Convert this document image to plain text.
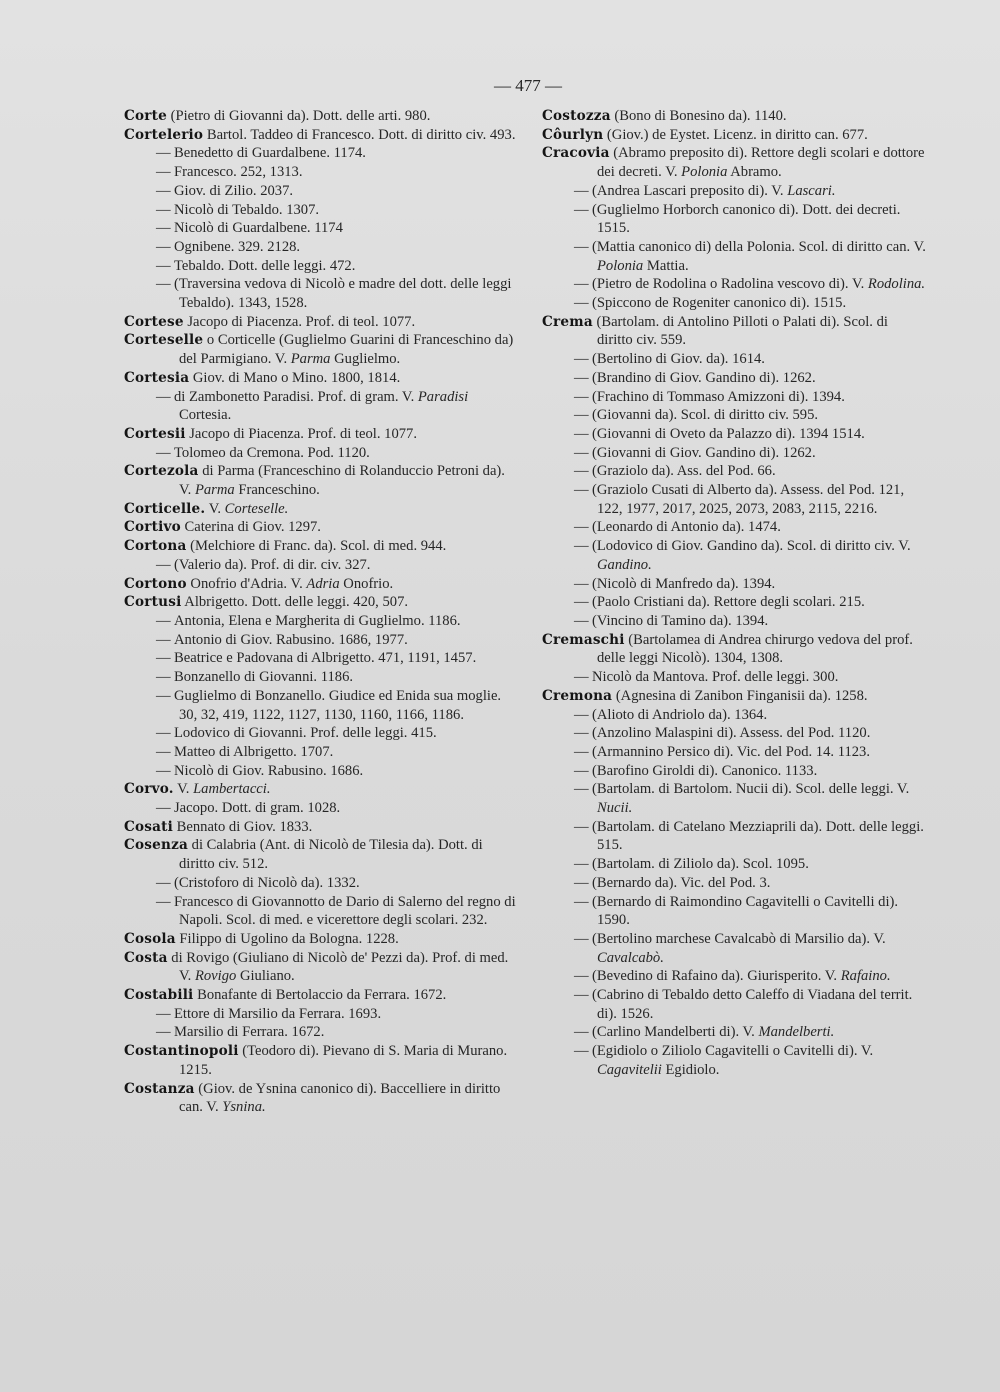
— 477 —
Corte (Pietro di Giovanni da). Dott. delle arti. 980.
Cortelerio Bartol. Taddeo di Francesco. Dott. di diritto civ. 493.
— Benedetto di Guardalbene. 1174.
— Francesco. 252, 1313.
— Giov. di Zilio. 2037.
— Nicolò di Tebaldo. 1307.
— Nicolò di Guardalbene. 1174
— Ognibene. 329. 2128.
— Tebaldo. Dott. delle leggi. 472.
— (Traversina vedova di Nicolò e madre del dott. delle leggi Tebaldo). 1343, 1528.
Cortese Jacopo di Piacenza. Prof. di teol. 1077.
Corteselle o Corticelle (Guglielmo Guarini di Franceschino da) del Parmigiano. V. Parma Guglielmo.
Cortesia Giov. di Mano o Mino. 1800, 1814.
— di Zambonetto Paradisi. Prof. di gram. V. Paradisi Cortesia.
Cortesii Jacopo di Piacenza. Prof. di teol. 1077.
— Tolomeo da Cremona. Pod. 1120.
Cortezola di Parma (Franceschino di Rolanduccio Petroni da). V. Parma Franceschino.
Corticelle. V. Corteselle.
Cortivo Caterina di Giov. 1297.
Cortona (Melchiore di Franc. da). Scol. di med. 944.
— (Valerio da). Prof. di dir. civ. 327.
Cortono Onofrio d'Adria. V. Adria Onofrio.
Cortusi Albrigetto. Dott. delle leggi. 420, 507.
— Antonia, Elena e Margherita di Guglielmo. 1186.
— Antonio di Giov. Rabusino. 1686, 1977.
— Beatrice e Padovana di Albrigetto. 471, 1191, 1457.
— Bonzanello di Giovanni. 1186.
— Guglielmo di Bonzanello. Giudice ed Enida sua moglie. 30, 32, 419, 1122, 1127, 1130, 1160, 1166, 1186.
— Lodovico di Giovanni. Prof. delle leggi. 415.
— Matteo di Albrigetto. 1707.
— Nicolò di Giov. Rabusino. 1686.
Corvo. V. Lambertacci.
— Jacopo. Dott. di gram. 1028.
Cosati Bennato di Giov. 1833.
Cosenza di Calabria (Ant. di Nicolò de Tilesia da). Dott. di diritto civ. 512.
— (Cristoforo di Nicolò da). 1332.
— Francesco di Giovannotto de Dario di Salerno del regno di Napoli. Scol. di med. e vicerettore degli scolari. 232.
Cosola Filippo di Ugolino da Bologna. 1228.
Costa di Rovigo (Giuliano di Nicolò de' Pezzi da). Prof. di med. V. Rovigo Giuliano.
Costabili Bonafante di Bertolaccio da Ferrara. 1672.
— Ettore di Marsilio da Ferrara. 1693.
— Marsilio di Ferrara. 1672.
Costantinopoli (Teodoro di). Pievano di S. Maria di Murano. 1215.
Costanza (Giov. de Ysnina canonico di). Baccelliere in diritto can. V. Ysnina.
Costozza (Bono di Bonesino da). 1140.
Côurlyn (Giov.) de Eystet. Licenz. in diritto can. 677.
Cracovia (Abramo preposito di). Rettore degli scolari e dottore dei decreti. V. Polonia Abramo.
— (Andrea Lascari preposito di). V. Lascari.
— (Guglielmo Horborch canonico di). Dott. dei decreti. 1515.
— (Mattia canonico di) della Polonia. Scol. di diritto can. V. Polonia Mattia.
— (Pietro de Rodolina o Radolina vescovo di). V. Rodolina.
— (Spiccono de Rogeniter canonico di). 1515.
Crema (Bartolam. di Antolino Pilloti o Palati di). Scol. di diritto civ. 559.
— (Bertolino di Giov. da). 1614.
— (Brandino di Giov. Gandino di). 1262.
— (Frachino di Tommaso Amizzoni di). 1394.
— (Giovanni da). Scol. di diritto civ. 595.
— (Giovanni di Oveto da Palazzo di). 1394 1514.
— (Giovanni di Giov. Gandino di). 1262.
— (Graziolo da). Ass. del Pod. 66.
— (Graziolo Cusati di Alberto da). Assess. del Pod. 121, 122, 1977, 2017, 2025, 2073, 2083, 2115, 2216.
— (Leonardo di Antonio da). 1474.
— (Lodovico di Giov. Gandino da). Scol. di diritto civ. V. Gandino.
— (Nicolò di Manfredo da). 1394.
— (Paolo Cristiani da). Rettore degli scolari. 215.
— (Vincino di Tamino da). 1394.
Cremaschi (Bartolamea di Andrea chirurgo vedova del prof. delle leggi Nicolò). 1304, 1308.
— Nicolò da Mantova. Prof. delle leggi. 300.
Cremona (Agnesina di Zanibon Finganisii da). 1258.
— (Alioto di Andriolo da). 1364.
— (Anzolino Malaspini di). Assess. del Pod. 1120.
— (Armannino Persico di). Vic. del Pod. 14. 1123.
— (Barofino Giroldi di). Canonico. 1133.
— (Bartolam. di Bartolom. Nucii di). Scol. delle leggi. V. Nucii.
— (Bartolam. di Catelano Mezziaprili da). Dott. delle leggi. 515.
— (Bartolam. di Ziliolo da). Scol. 1095.
— (Bernardo da). Vic. del Pod. 3.
— (Bernardo di Raimondino Cagavitelli o Cavitelli di). 1590.
— (Bertolino marchese Cavalcabò di Marsilio da). V. Cavalcabò.
— (Bevedino di Rafaino da). Giurisperito. V. Rafaino.
— (Cabrino di Tebaldo detto Caleffo di Viadana del territ. di). 1526.
— (Carlino Mandelberti di). V. Mandelberti.
— (Egidiolo o Ziliolo Cagavitelli o Cavitelli di). V. Cagavitelii Egidiolo.
